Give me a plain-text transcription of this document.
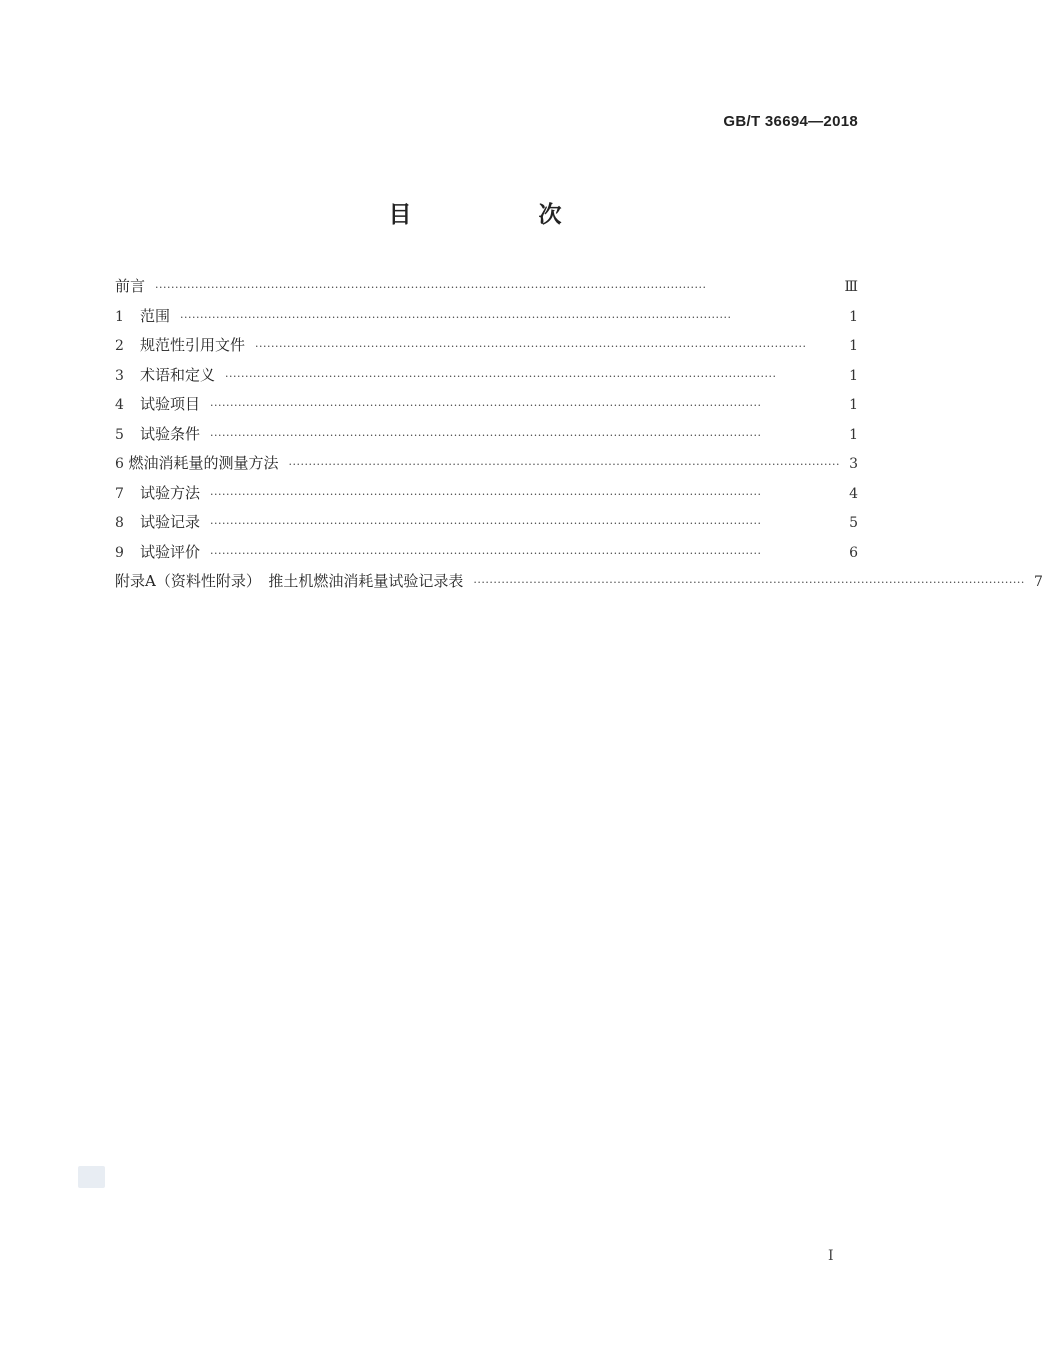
GB/T 36694—2018
目　次
前言 ··········································································································································	Ⅲ
1	范围 ··········································································································································	1
2	规范性引用文件 ··········································································································································	1
3	术语和定义 ··········································································································································	1
4	试验项目 ··········································································································································	1
5	试验条件 ··········································································································································	1
6 燃油消耗量的测量方法 ·········································································································································· 3
7	试验方法 ··········································································································································	4
8	试验记录 ··········································································································································	5
9	试验评价 ··········································································································································	6
附录A（资料性附录）　推土机燃油消耗量试验记录表 ·········································································································································· 7
Ⅰ
